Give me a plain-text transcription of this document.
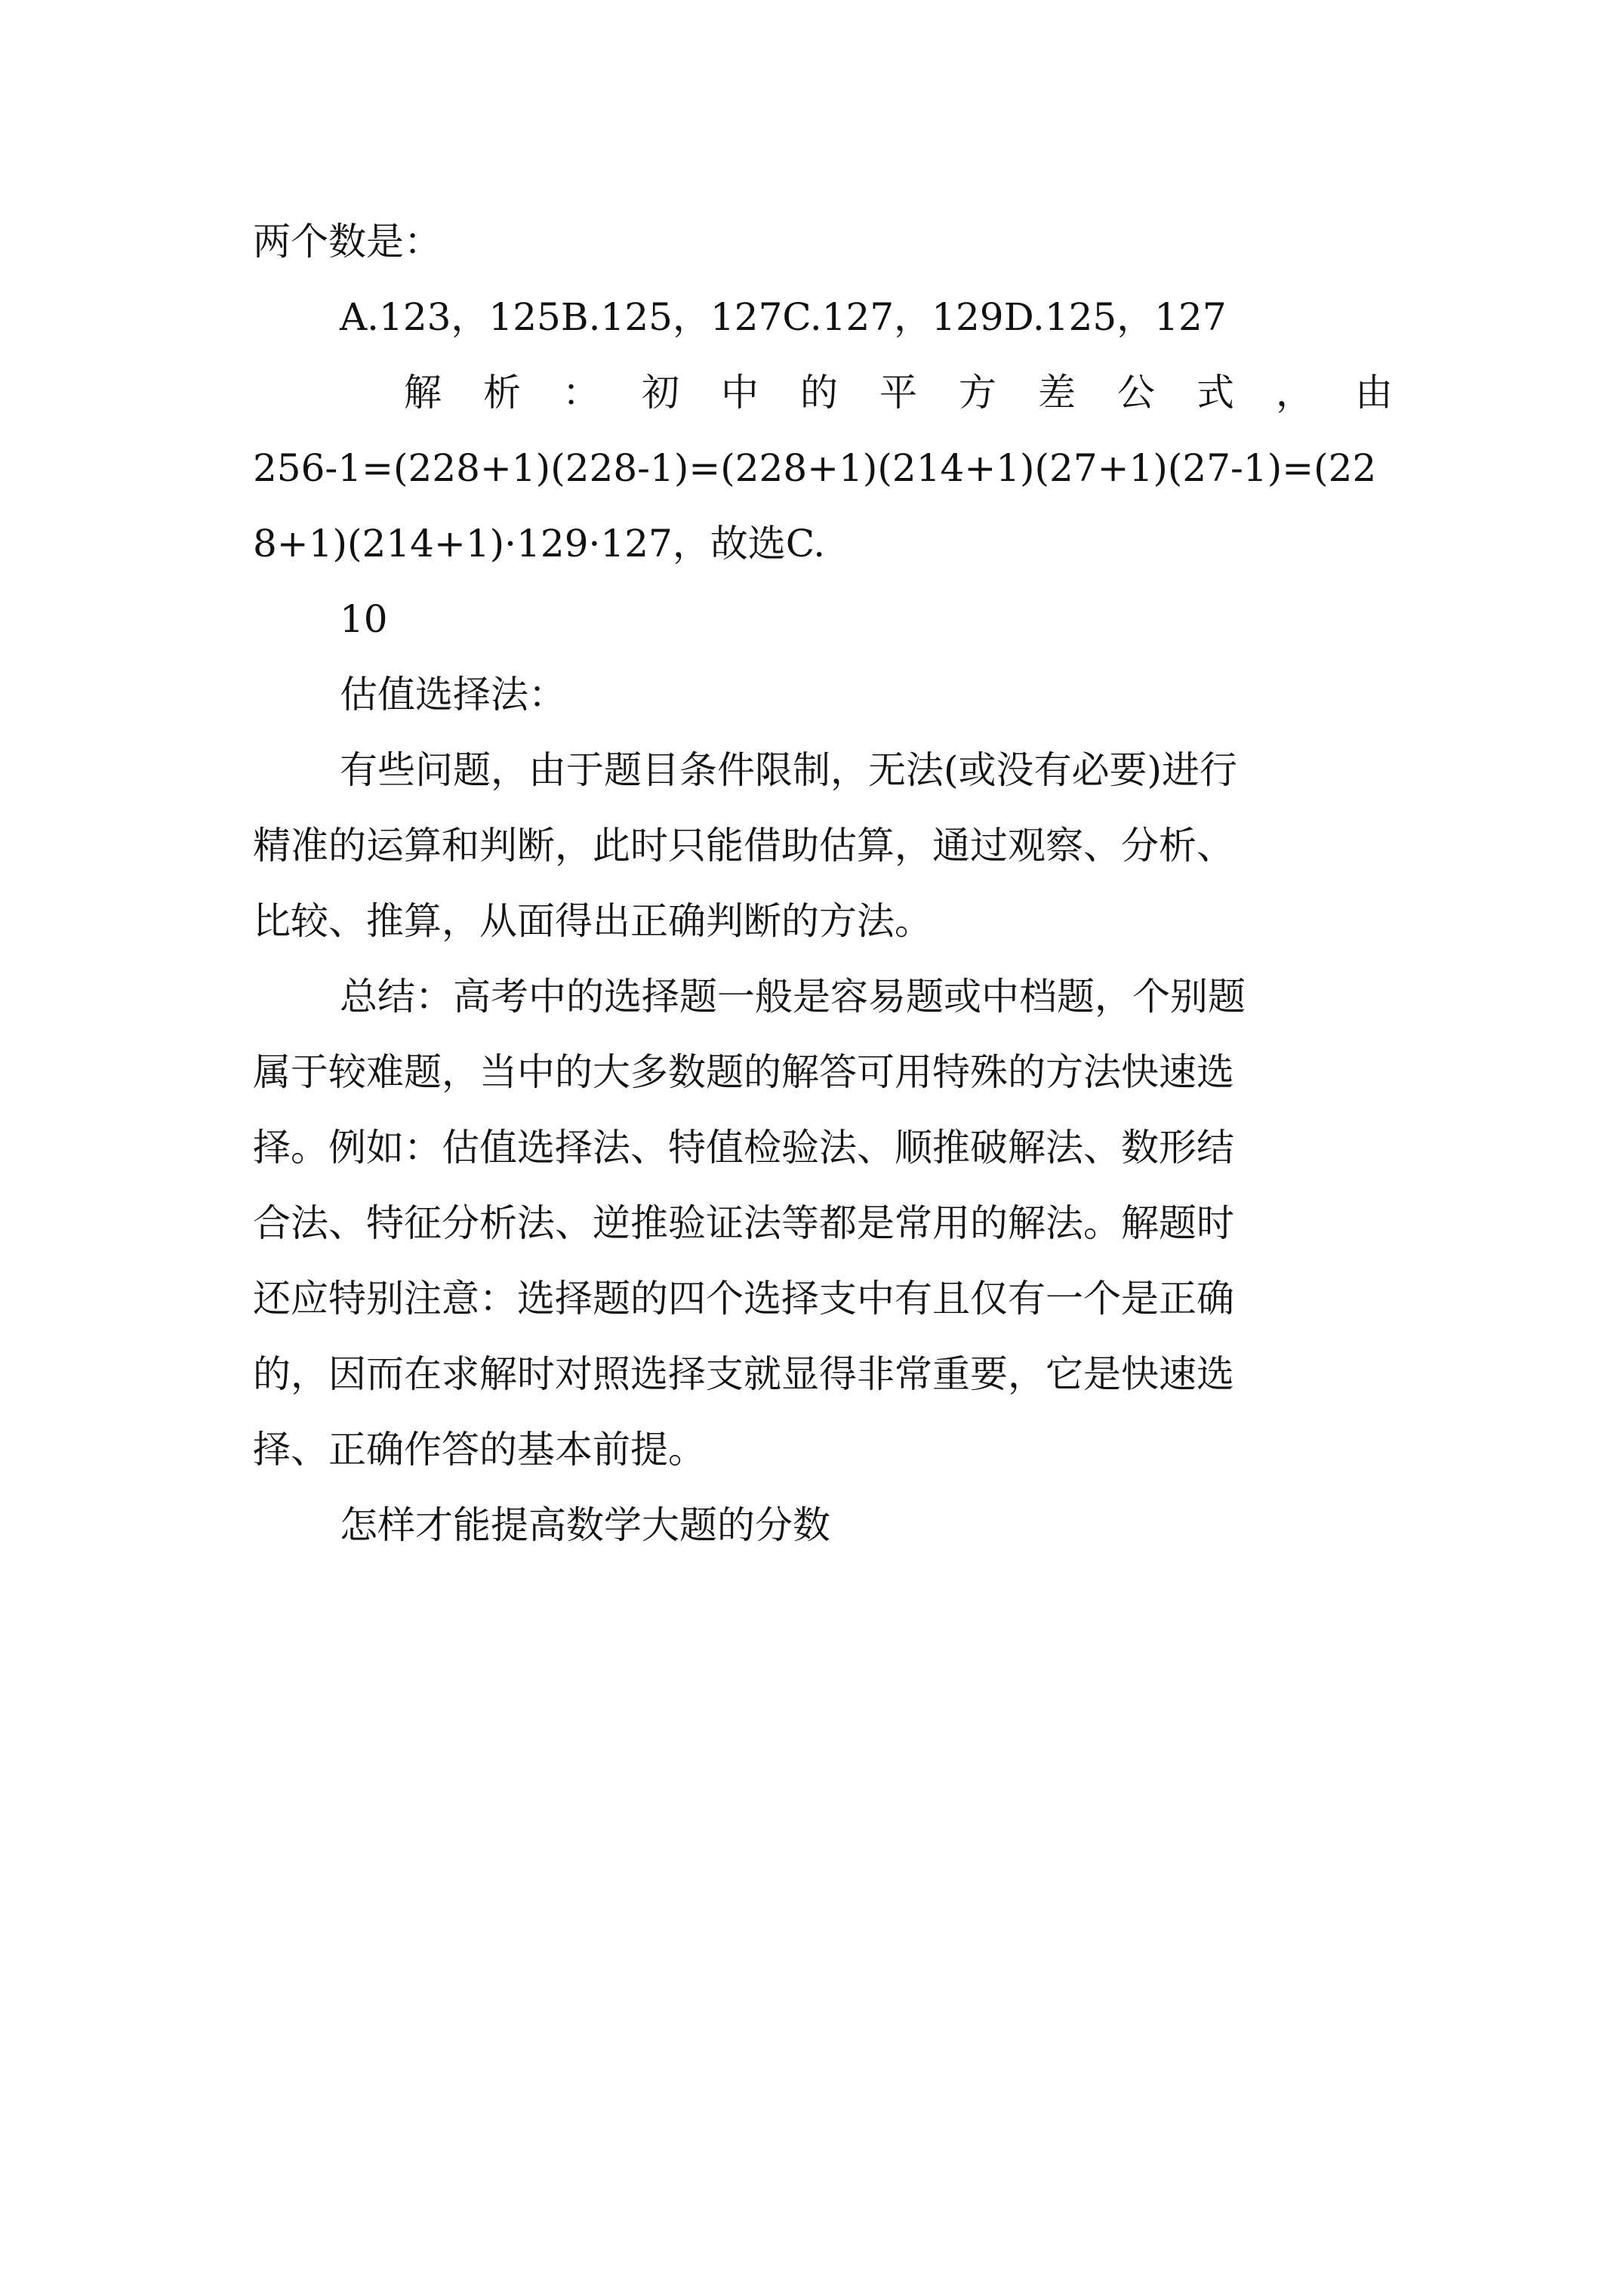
两个数是：
A.123，125B.125，127C.127，129D.125，127
解 析 ： 初 中 的 平 方 差 公 式 ， 由
256-1=(228+1)(228-1)=(228+1)(214+1)(27+1)(27-1)=(22
8+1)(214+1)·129·127，故选C.
10
估值选择法：
有些问题，由于题目条件限制，无法(或没有必要)进行
精准的运算和判断，此时只能借助估算，通过观察、分析、
比较、推算，从面得出正确判断的方法。
总结：高考中的选择题一般是容易题或中档题，个别题
属于较难题，当中的大多数题的解答可用特殊的方法快速选
择。例如：估值选择法、特值检验法、顺推破解法、数形结
合法、特征分析法、逆推验证法等都是常用的解法。解题时
还应特别注意：选择题的四个选择支中有且仅有一个是正确
的，因而在求解时对照选择支就显得非常重要，它是快速选
择、正确作答的基本前提。
怎样才能提高数学大题的分数
